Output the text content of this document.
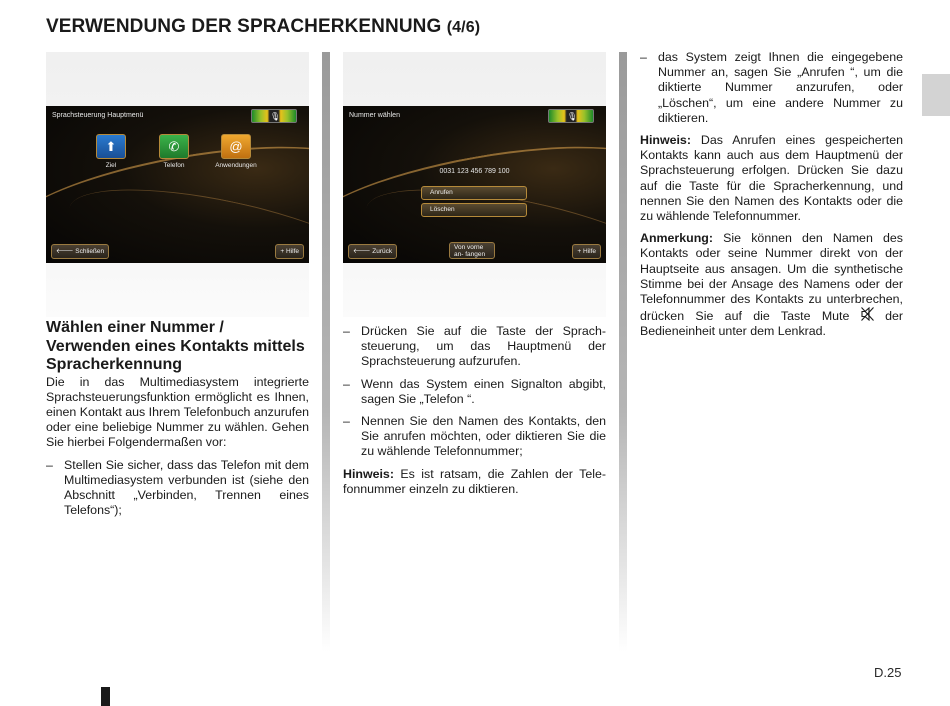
VERWENDUNG DER SPRACHERKENNUNG (4/6)
Sprachsteuerung Hauptmenü	🎙
⬆
Ziel
✆
Telefon
@
Anwendungen
🡐 Schließen	+ Hilfe
Wählen einer Nummer / Verwenden eines Kontakts mittels Spracherkennung

Die in das Multimediasystem integrierte Sprachsteuerungsfunktion ermöglicht es Ihnen, einen Kontakt aus Ihrem Telefonbuch anzurufen oder eine beliebige Nummer zu wählen. Gehen Sie hierbei Folgendermaßen vor:

– Stellen Sie sicher, dass das Telefon mit dem Multimediasystem verbunden ist (siehe den Abschnitt „Verbinden, Trennen eines Telefons“);
Nummer wählen	🎙
0031 123 456 789 100
Anrufen
Löschen
🡐 Zurück
Von vorne an- fangen	+ Hilfe
– Drücken Sie auf die Taste der Sprachsteuerung, um das Hauptmenü der Sprachsteuerung aufzurufen.
– Wenn das System einen Signalton abgibt, sagen Sie „Telefon “.
– Nennen Sie den Namen des Kontakts, den Sie anrufen möchten, oder diktieren Sie die zu wählende Telefonnummer;

Hinweis: Es ist ratsam, die Zahlen der Telefonnummer einzeln zu diktieren.

– das System zeigt Ihnen die eingegebene Nummer an, sagen Sie „Anrufen “, um die diktierte Nummer anzurufen, oder „Löschen“, um eine andere Nummer zu diktieren.

Hinweis: Das Anrufen eines gespeicherten Kontakts kann auch aus dem Hauptmenü der Sprachsteuerung erfolgen. Drücken Sie dazu auf die Taste für die Spracherkennung, und nennen Sie den Namen des Kontakts oder die zu wählende Telefonnummer.

Anmerkung: Sie können den Namen des Kontakts oder seine Nummer direkt von der Hauptseite aus ansagen. Um die synthetische Stimme bei der Ansage des Namens oder der Telefonnummer des Kontakts zu unterbrechen, drücken Sie auf die Taste Mute  der Bedieneinheit unter dem Lenkrad.

D.25
